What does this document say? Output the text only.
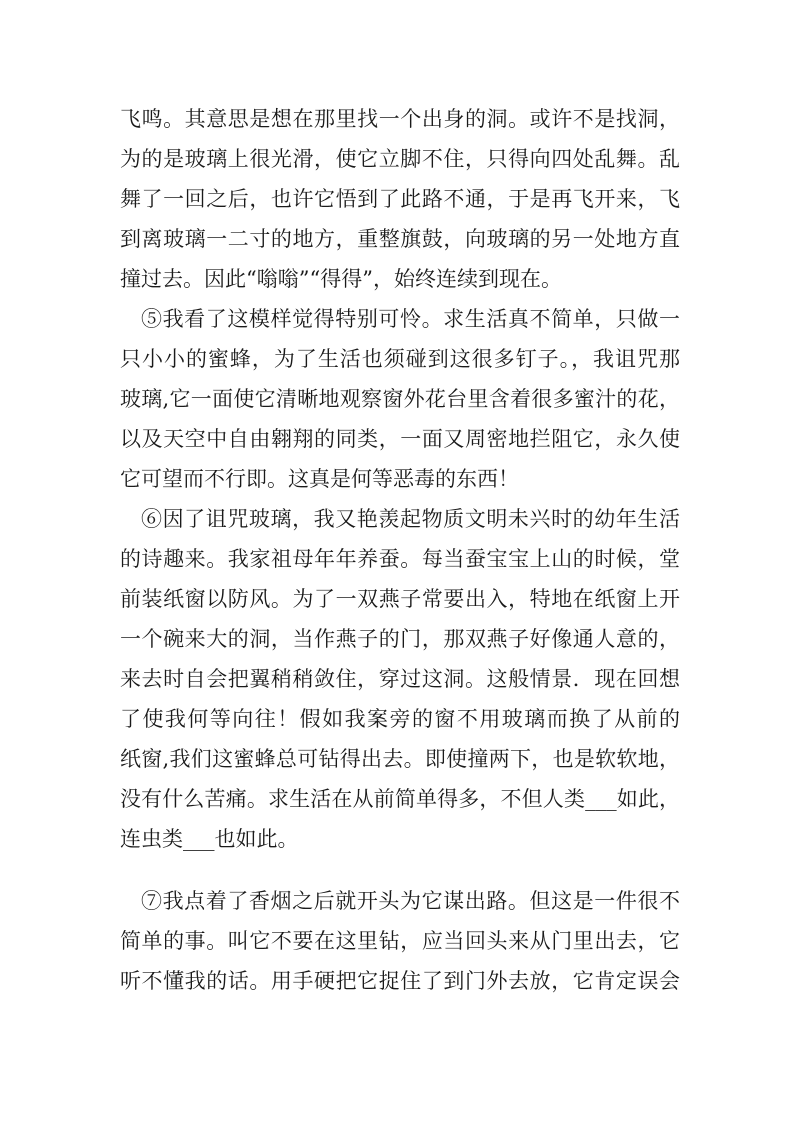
飞鸣。其意思是想在那里找一个出身的洞。或许不是找洞，
为的是玻璃上很光滑，使它立脚不住，只得向四处乱舞。乱
舞了一回之后，也许它悟到了此路不通，于是再飞开来，飞
到离玻璃一二寸的地方，重整旗鼓，向玻璃的另一处地方直
撞过去。因此“嗡嗡”“得得”，始终连续到现在。
⑤我看了这模样觉得特别可怜。求生活真不简单，只做一
只小小的蜜蜂，为了生活也须碰到这很多钉子。，我诅咒那
玻璃,它一面使它清晰地观察窗外花台里含着很多蜜汁的花，
以及天空中自由翱翔的同类，一面又周密地拦阻它，永久使
它可望而不行即。这真是何等恶毒的东西！
⑥因了诅咒玻璃，我又艳羡起物质文明未兴时的幼年生活
的诗趣来。我家祖母年年养蚕。每当蚕宝宝上山的时候，堂
前装纸窗以防风。为了一双燕子常要出入，特地在纸窗上开
一个碗来大的洞，当作燕子的门，那双燕子好像通人意的，
来去时自会把翼稍稍敛住，穿过这洞。这般情景．现在回想
了使我何等向往！假如我案旁的窗不用玻璃而换了从前的
纸窗,我们这蜜蜂总可钻得出去。即使撞两下，也是软软地，
没有什么苦痛。求生活在从前简单得多，不但人类___如此，
连虫类___也如此。
⑦我点着了香烟之后就开头为它谋出路。但这是一件很不
简单的事。叫它不要在这里钻，应当回头来从门里出去，它
听不懂我的话。用手硬把它捉住了到门外去放，它肯定误会
